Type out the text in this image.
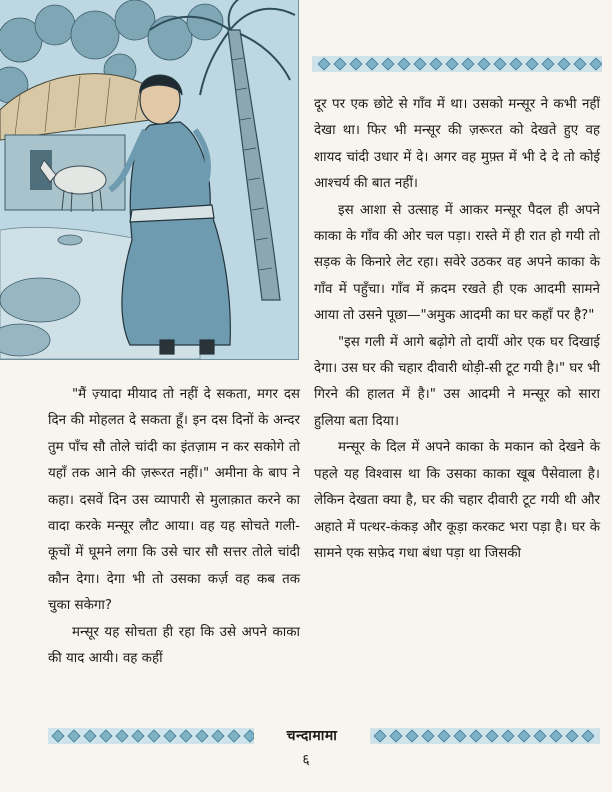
दूर पर एक छोटे से गाँव में था। उसको मन्सूर ने कभी नहीं देखा था। फिर भी मन्सूर की ज़रूरत को देखते हुए वह शायद चांदी उधार में दे। अगर वह मुफ़्त में भी दे दे तो कोई आश्चर्य की बात नहीं।

इस आशा से उत्साह में आकर मन्सूर पैदल ही अपने काका के गाँव की ओर चल पड़ा। रास्ते में ही रात हो गयी तो सड़क के किनारे लेट रहा। सवेरे उठकर वह अपने काका के गाँव में पहुँचा। गाँव में क़दम रखते ही एक आदमी सामने आया तो उसने पूछा—"अमुक आदमी का घर कहाँ पर है?"

"इस गली में आगे बढ़ोगे तो दायीं ओर एक घर दिखाई देगा। उस घर की चहार दीवारी थोड़ी-सी टूट गयी है।" घर भी गिरने की हालत में है।" उस आदमी ने मन्सूर को सारा हुलिया बता दिया।

मन्सूर के दिल में अपने काका के मकान को देखने के पहले यह विश्वास था कि उसका काका खूब पैसेवाला है। लेकिन देखता क्या है, घर की चहार दीवारी टूट गयी थी और अहाते में पत्थर-कंकड़ और कूड़ा करकट भरा पड़ा है। घर के सामने एक सफ़ेद गधा बंधा पड़ा था जिसकी

"मैं ज़्यादा मीयाद तो नहीं दे सकता, मगर दस दिन की मोहलत दे सकता हूँ। इन दस दिनों के अन्दर तुम पाँच सौ तोले चांदी का इंतज़ाम न कर सकोगे तो यहाँ तक आने की ज़रूरत नहीं।" अमीना के बाप ने कहा। दसवें दिन उस व्यापारी से मुलाक़ात करने का वादा करके मन्सूर लौट आया। वह यह सोचते गली-कूचों में घूमने लगा कि उसे चार सौ सत्तर तोले चांदी कौन देगा। देगा भी तो उसका कर्ज़ वह कब तक चुका सकेगा?

मन्सूर यह सोचता ही रहा कि उसे अपने काका की याद आयी। वह कहीं

चन्दामामा
६
